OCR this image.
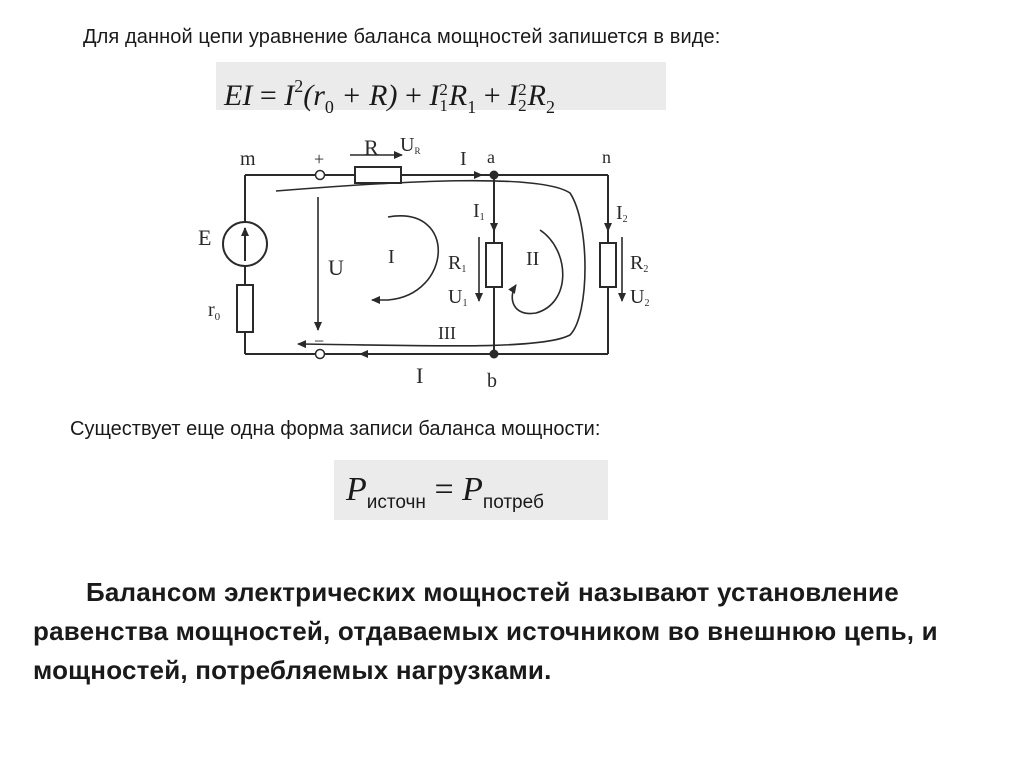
Для данной цепи уравнение баланса мощностей запишется в виде:
EI = $I^2(r_0 + R) + I$ 2
1 $R_1 + I$ 2
2 $R_2$
m	+
−
R UR I a	n
E
$r_0$
U I	II
III
I1
R1
U1
I2
R2
U2
I	b
Существует еще одна форма записи баланса мощности:
$P_{источн} = P_{потреб}$
Балансом электрических мощностей называют установление равенства мощностей, отдаваемых источником во внешнюю цепь, и мощностей, потребляемых нагрузками.
